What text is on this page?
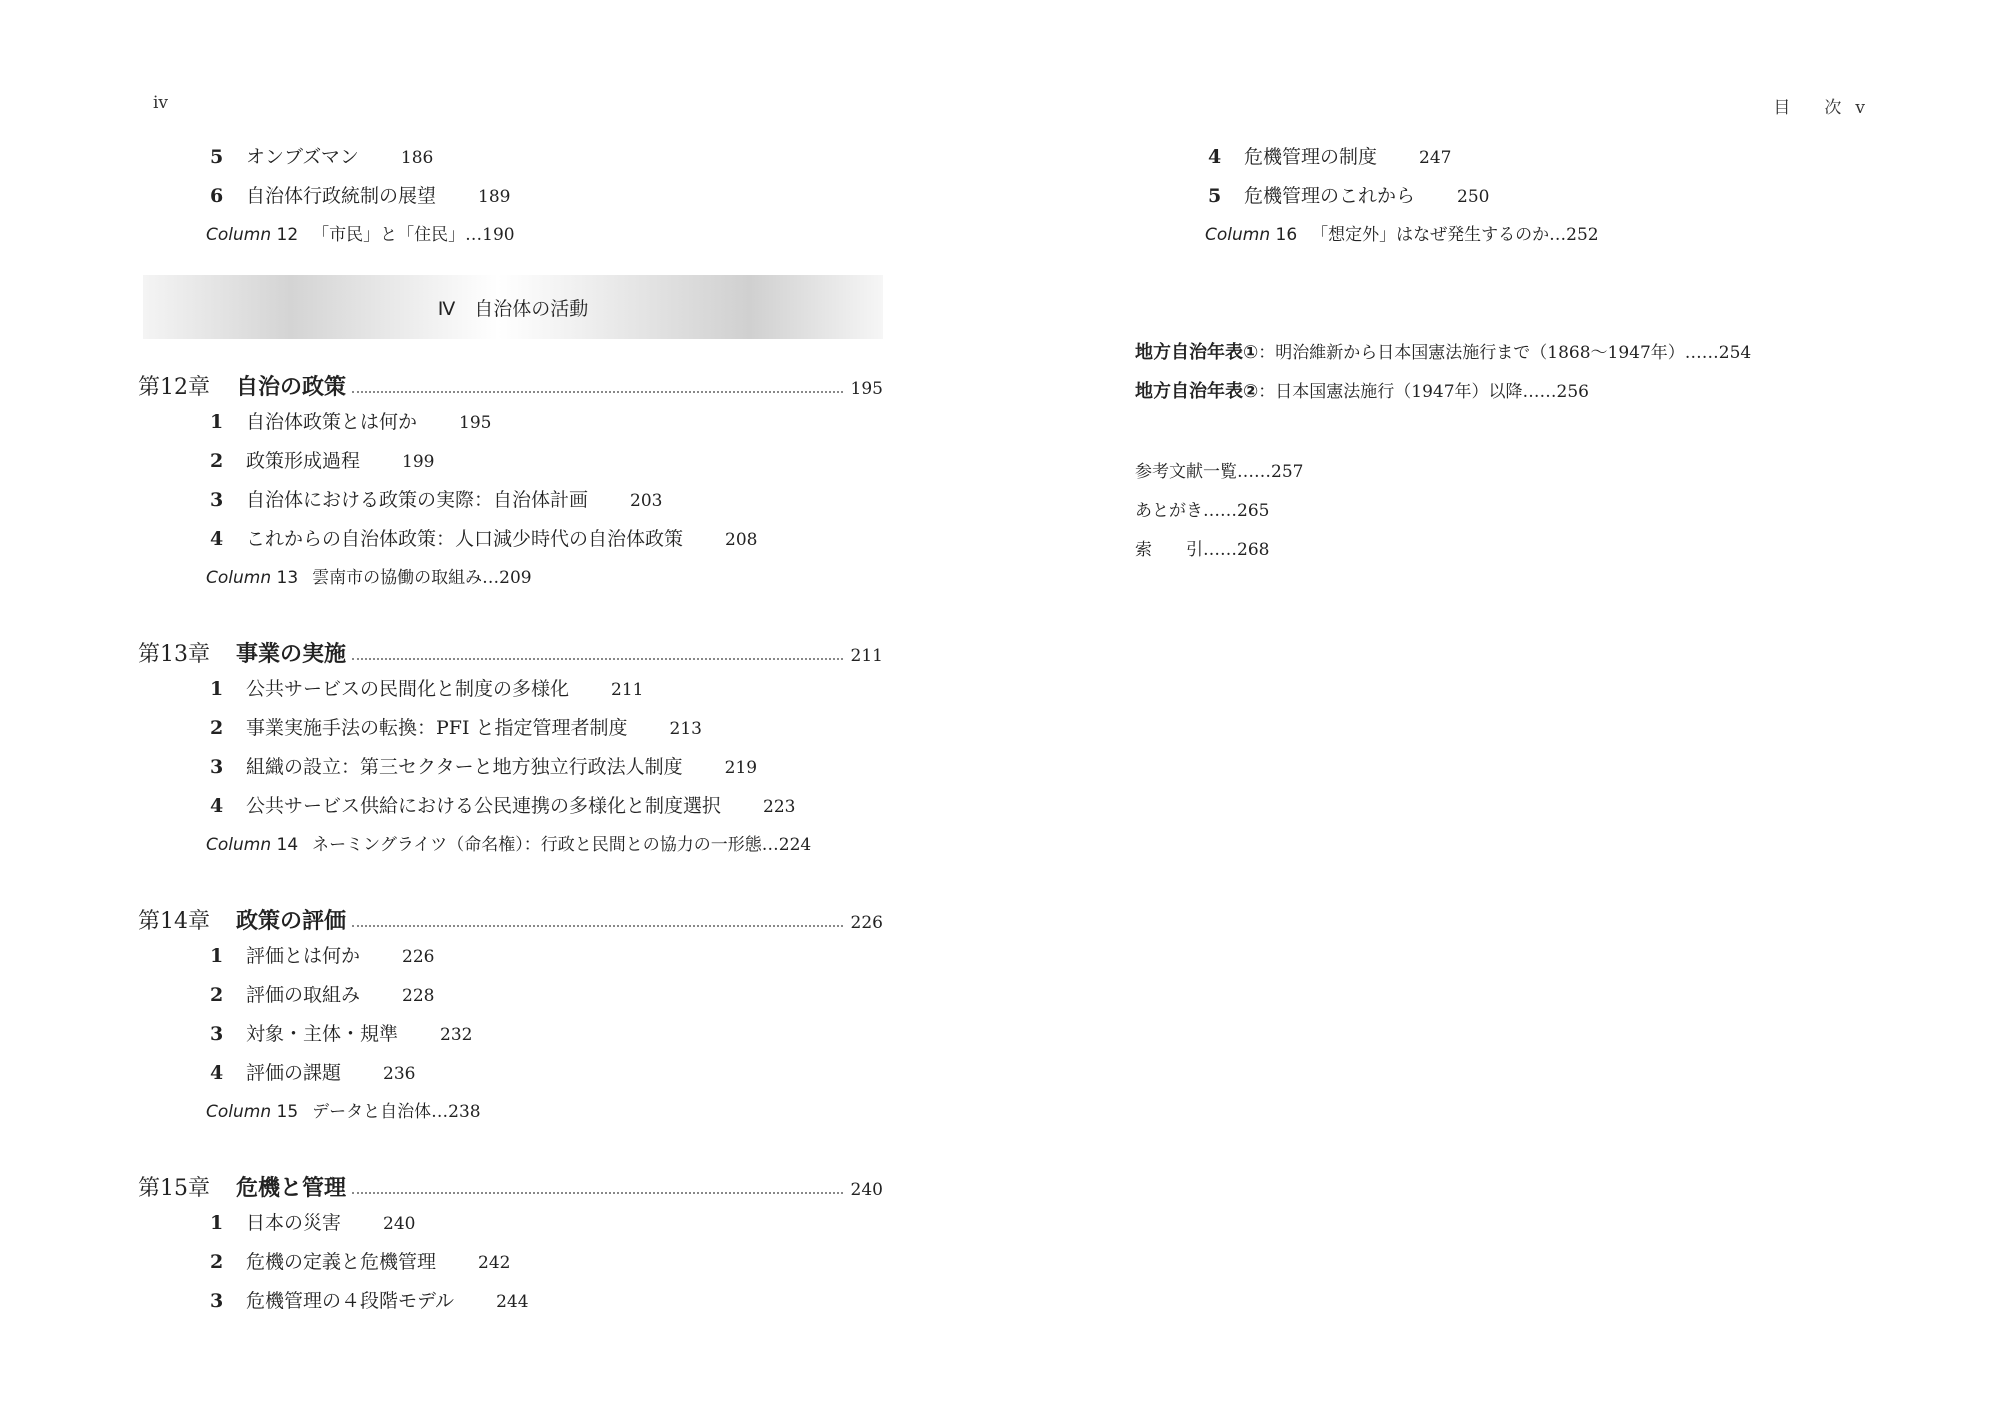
iv
5 オンブズマン 186
6 自治体行政統制の展望 189
Column 12 「市民」と「住民」…190
Ⅳ　自治体の活動
第12章 自治の政策	195
1 自治体政策とは何か 195
2 政策形成過程 199
3 自治体における政策の実際：自治体計画 203
4 これからの自治体政策：人口減少時代の自治体政策 208
Column 13 雲南市の協働の取組み…209
第13章 事業の実施	211
1 公共サービスの民間化と制度の多様化 211
2 事業実施手法の転換：PFI と指定管理者制度 213
3 組織の設立：第三セクターと地方独立行政法人制度 219
4 公共サービス供給における公民連携の多様化と制度選択 223
Column 14 ネーミングライツ（命名権）：行政と民間との協力の一形態…224
第14章 政策の評価	226
1 評価とは何か 226
2 評価の取組み 228
3 対象・主体・規準 232
4 評価の課題 236
Column 15 データと自治体…238
第15章 危機と管理	240
1 日本の災害 240
2 危機の定義と危機管理 242
3 危機管理の４段階モデル 244
目 次 v
4 危機管理の制度 247
5 危機管理のこれから 250
Column 16 「想定外」はなぜ発生するのか…252
地方自治年表①：明治維新から日本国憲法施行まで（1868～1947年）……254
地方自治年表②：日本国憲法施行（1947年）以降……256
参考文献一覧……257
あとがき……265
索　　引……268
